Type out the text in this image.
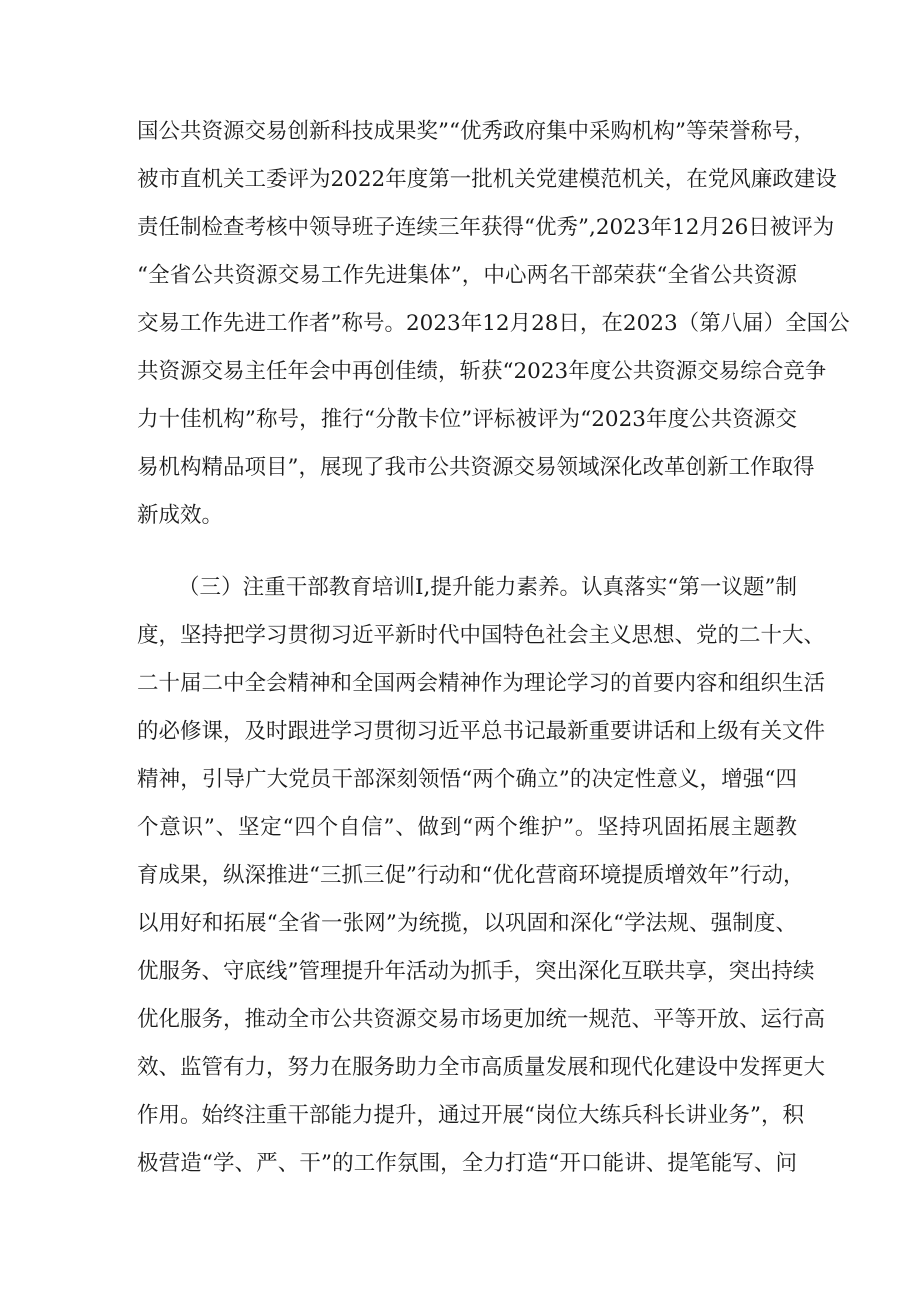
国公共资源交易创新科技成果奖”“优秀政府集中采购机构”等荣誉称号，
被市直机关工委评为2022年度第一批机关党建模范机关，在党风廉政建设
责任制检查考核中领导班子连续三年获得“优秀”,2023年12月26日被评为
“全省公共资源交易工作先进集体”，中心两名干部荣获“全省公共资源
交易工作先进工作者”称号。2023年12月28日，在2023（第八届）全国公
共资源交易主任年会中再创佳绩，斩获“2023年度公共资源交易综合竞争
力十佳机构”称号，推行“分散卡位”评标被评为“2023年度公共资源交
易机构精品项目”，展现了我市公共资源交易领域深化改革创新工作取得
新成效。
（三）注重干部教育培训I,提升能力素养。认真落实“第一议题”制
度，坚持把学习贯彻习近平新时代中国特色社会主义思想、党的二十大、
二十届二中全会精神和全国两会精神作为理论学习的首要内容和组织生活
的必修课，及时跟进学习贯彻习近平总书记最新重要讲话和上级有关文件
精神，引导广大党员干部深刻领悟“两个确立”的决定性意义，增强“四
个意识”、坚定“四个自信”、做到“两个维护”。坚持巩固拓展主题教
育成果，纵深推进“三抓三促”行动和“优化营商环境提质增效年”行动，
以用好和拓展“全省一张网”为统揽，以巩固和深化“学法规、强制度、
优服务、守底线”管理提升年活动为抓手，突出深化互联共享，突出持续
优化服务，推动全市公共资源交易市场更加统一规范、平等开放、运行高
效、监管有力，努力在服务助力全市高质量发展和现代化建设中发挥更大
作用。始终注重干部能力提升，通过开展“岗位大练兵科长讲业务”，积
极营造“学、严、干”的工作氛围，全力打造“开口能讲、提笔能写、问
